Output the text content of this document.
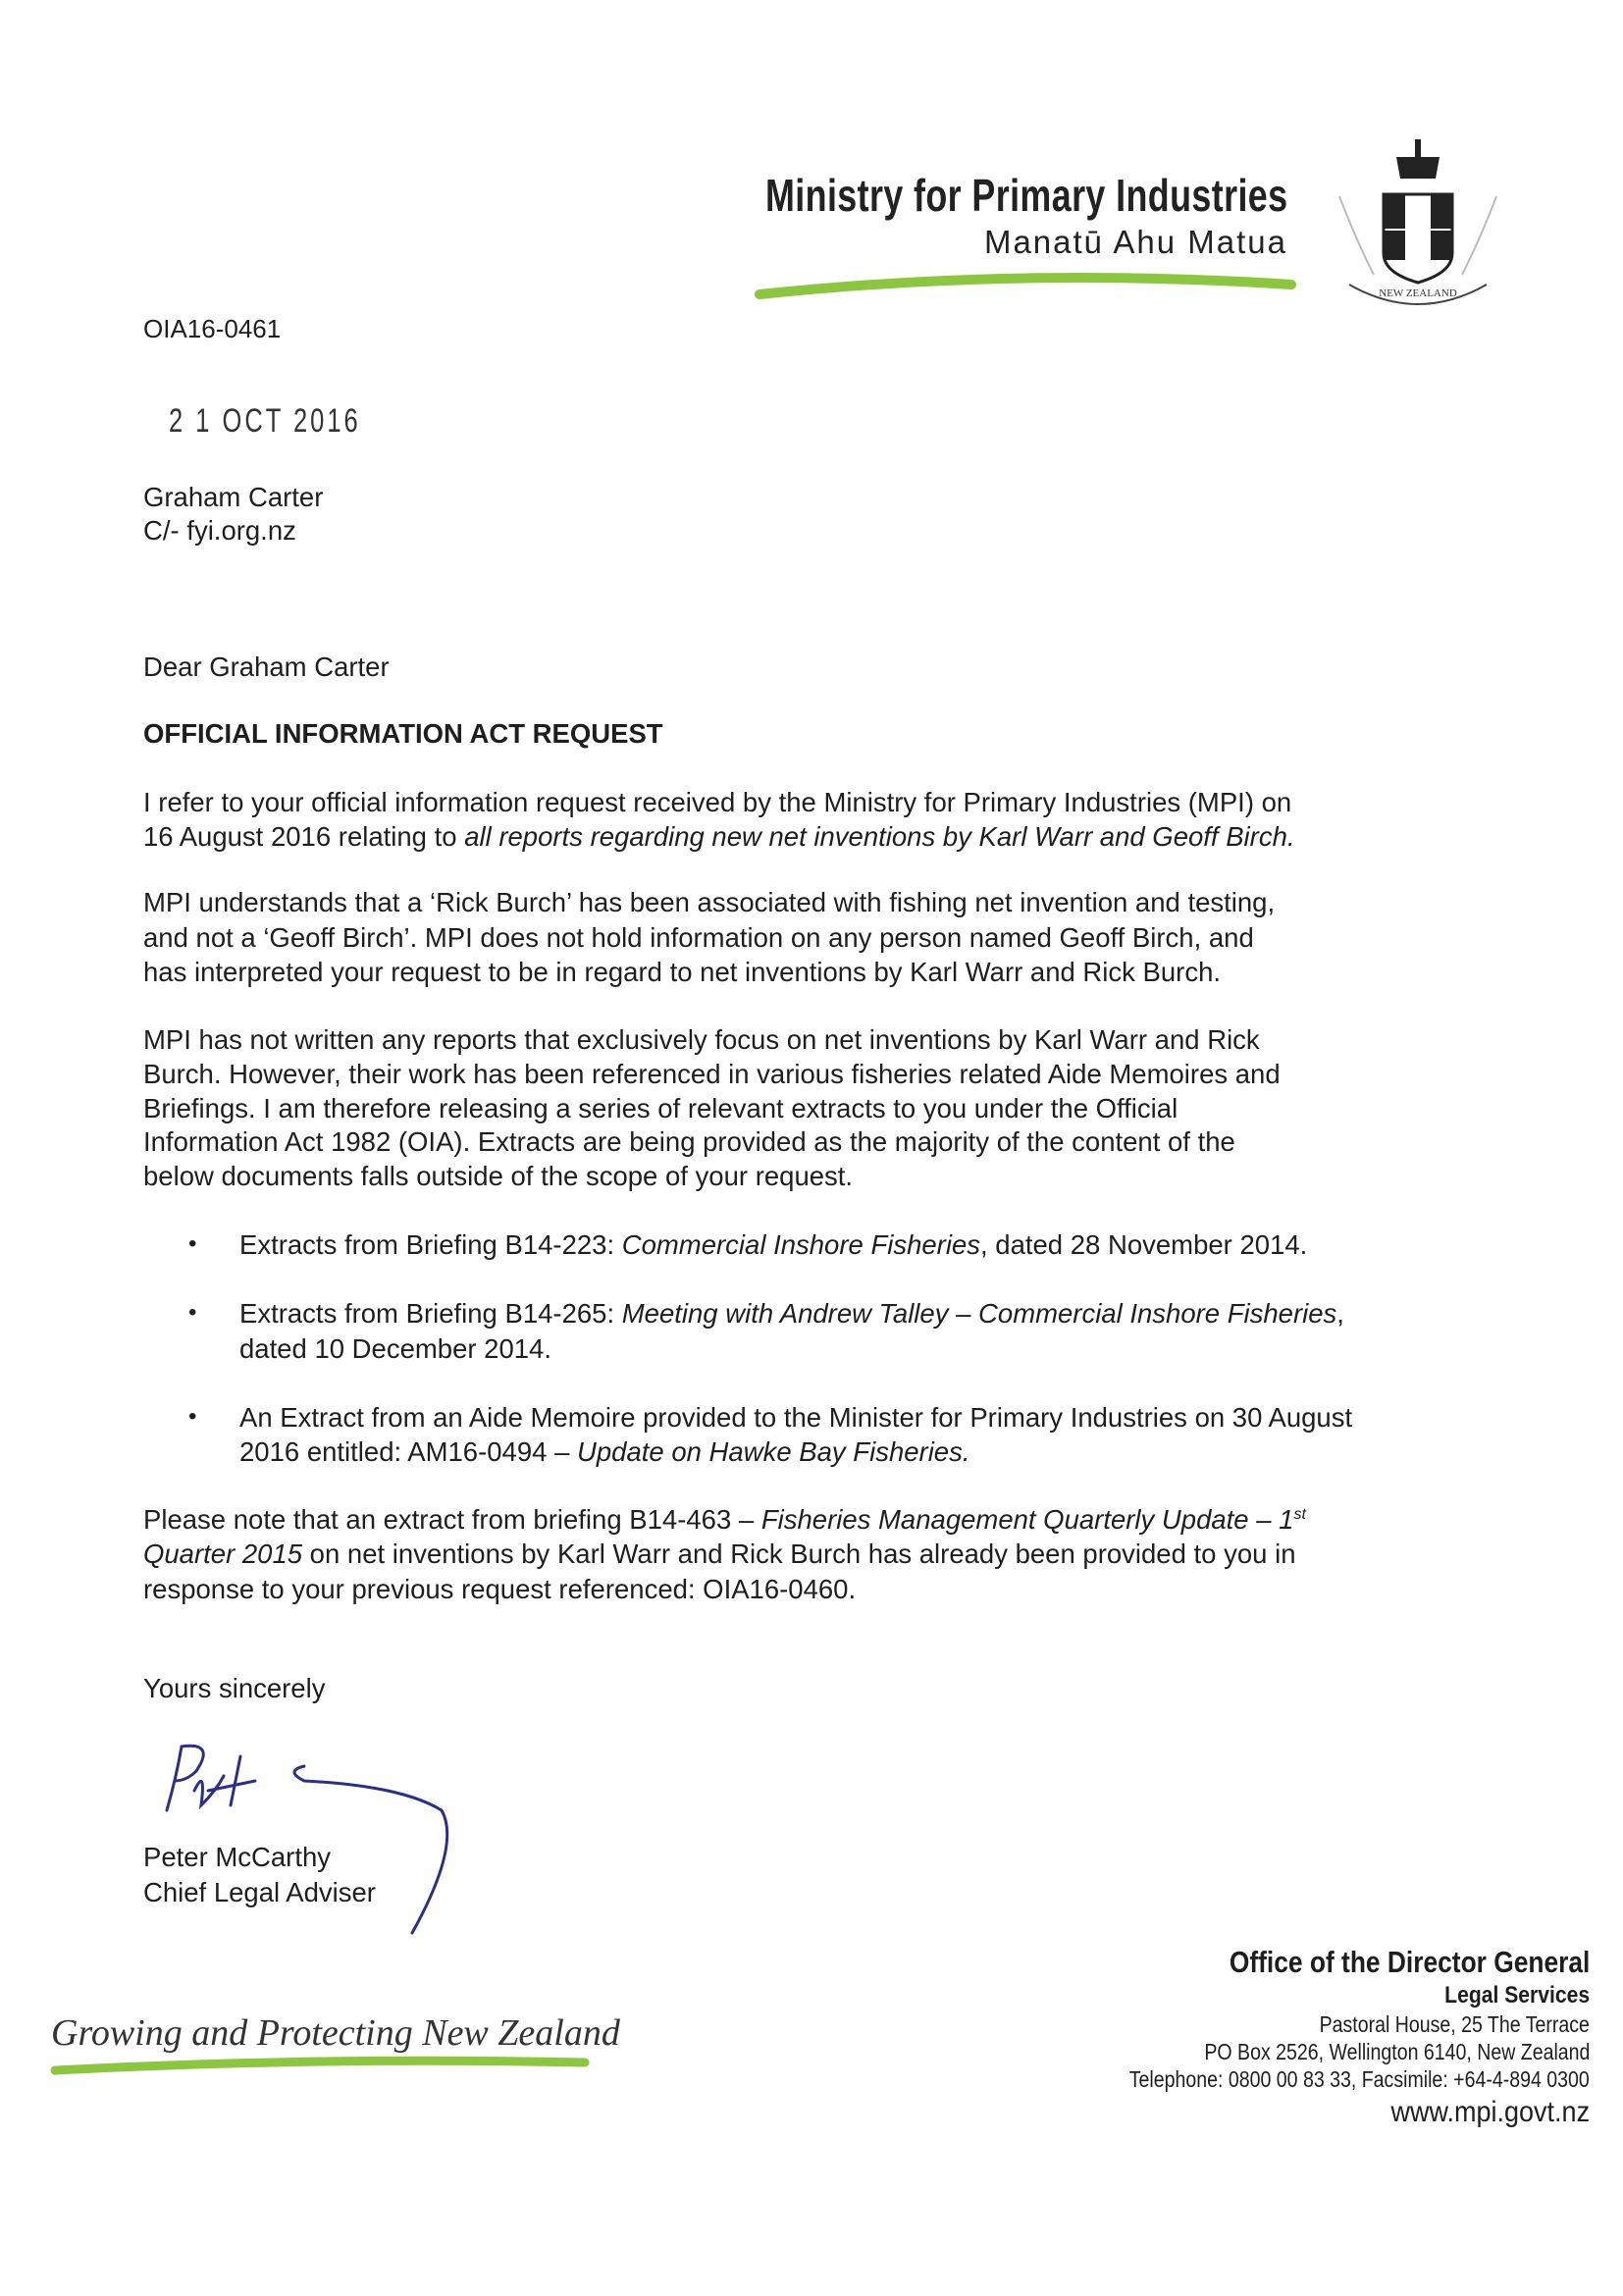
Ministry for Primary Industries
Manatū Ahu Matua
NEW ZEALAND
OIA16-0461
2 1 OCT 2016
Graham Carter
C/- fyi.org.nz
Dear Graham Carter
OFFICIAL INFORMATION ACT REQUEST
I refer to your official information request received by the Ministry for Primary Industries (MPI) on
16 August 2016 relating to all reports regarding new net inventions by Karl Warr and Geoff Birch.
MPI understands that a ‘Rick Burch’ has been associated with fishing net invention and testing,
and not a ‘Geoff Birch’. MPI does not hold information on any person named Geoff Birch, and
has interpreted your request to be in regard to net inventions by Karl Warr and Rick Burch.
MPI has not written any reports that exclusively focus on net inventions by Karl Warr and Rick
Burch. However, their work has been referenced in various fisheries related Aide Memoires and
Briefings. I am therefore releasing a series of relevant extracts to you under the Official
Information Act 1982 (OIA). Extracts are being provided as the majority of the content of the
below documents falls outside of the scope of your request.
• Extracts from Briefing B14-223: Commercial Inshore Fisheries, dated 28 November 2014.
• Extracts from Briefing B14-265: Meeting with Andrew Talley – Commercial Inshore Fisheries,
dated 10 December 2014.
• An Extract from an Aide Memoire provided to the Minister for Primary Industries on 30 August
2016 entitled: AM16-0494 – Update on Hawke Bay Fisheries.
Please note that an extract from briefing B14-463 – Fisheries Management Quarterly Update – 1st
Quarter 2015 on net inventions by Karl Warr and Rick Burch has already been provided to you in
response to your previous request referenced: OIA16-0460.
Yours sincerely
Peter McCarthy
Chief Legal Adviser
Growing and Protecting New Zealand
Office of the Director General
Legal Services
Pastoral House, 25 The Terrace
PO Box 2526, Wellington 6140, New Zealand
Telephone: 0800 00 83 33, Facsimile: +64-4-894 0300
www.mpi.govt.nz
